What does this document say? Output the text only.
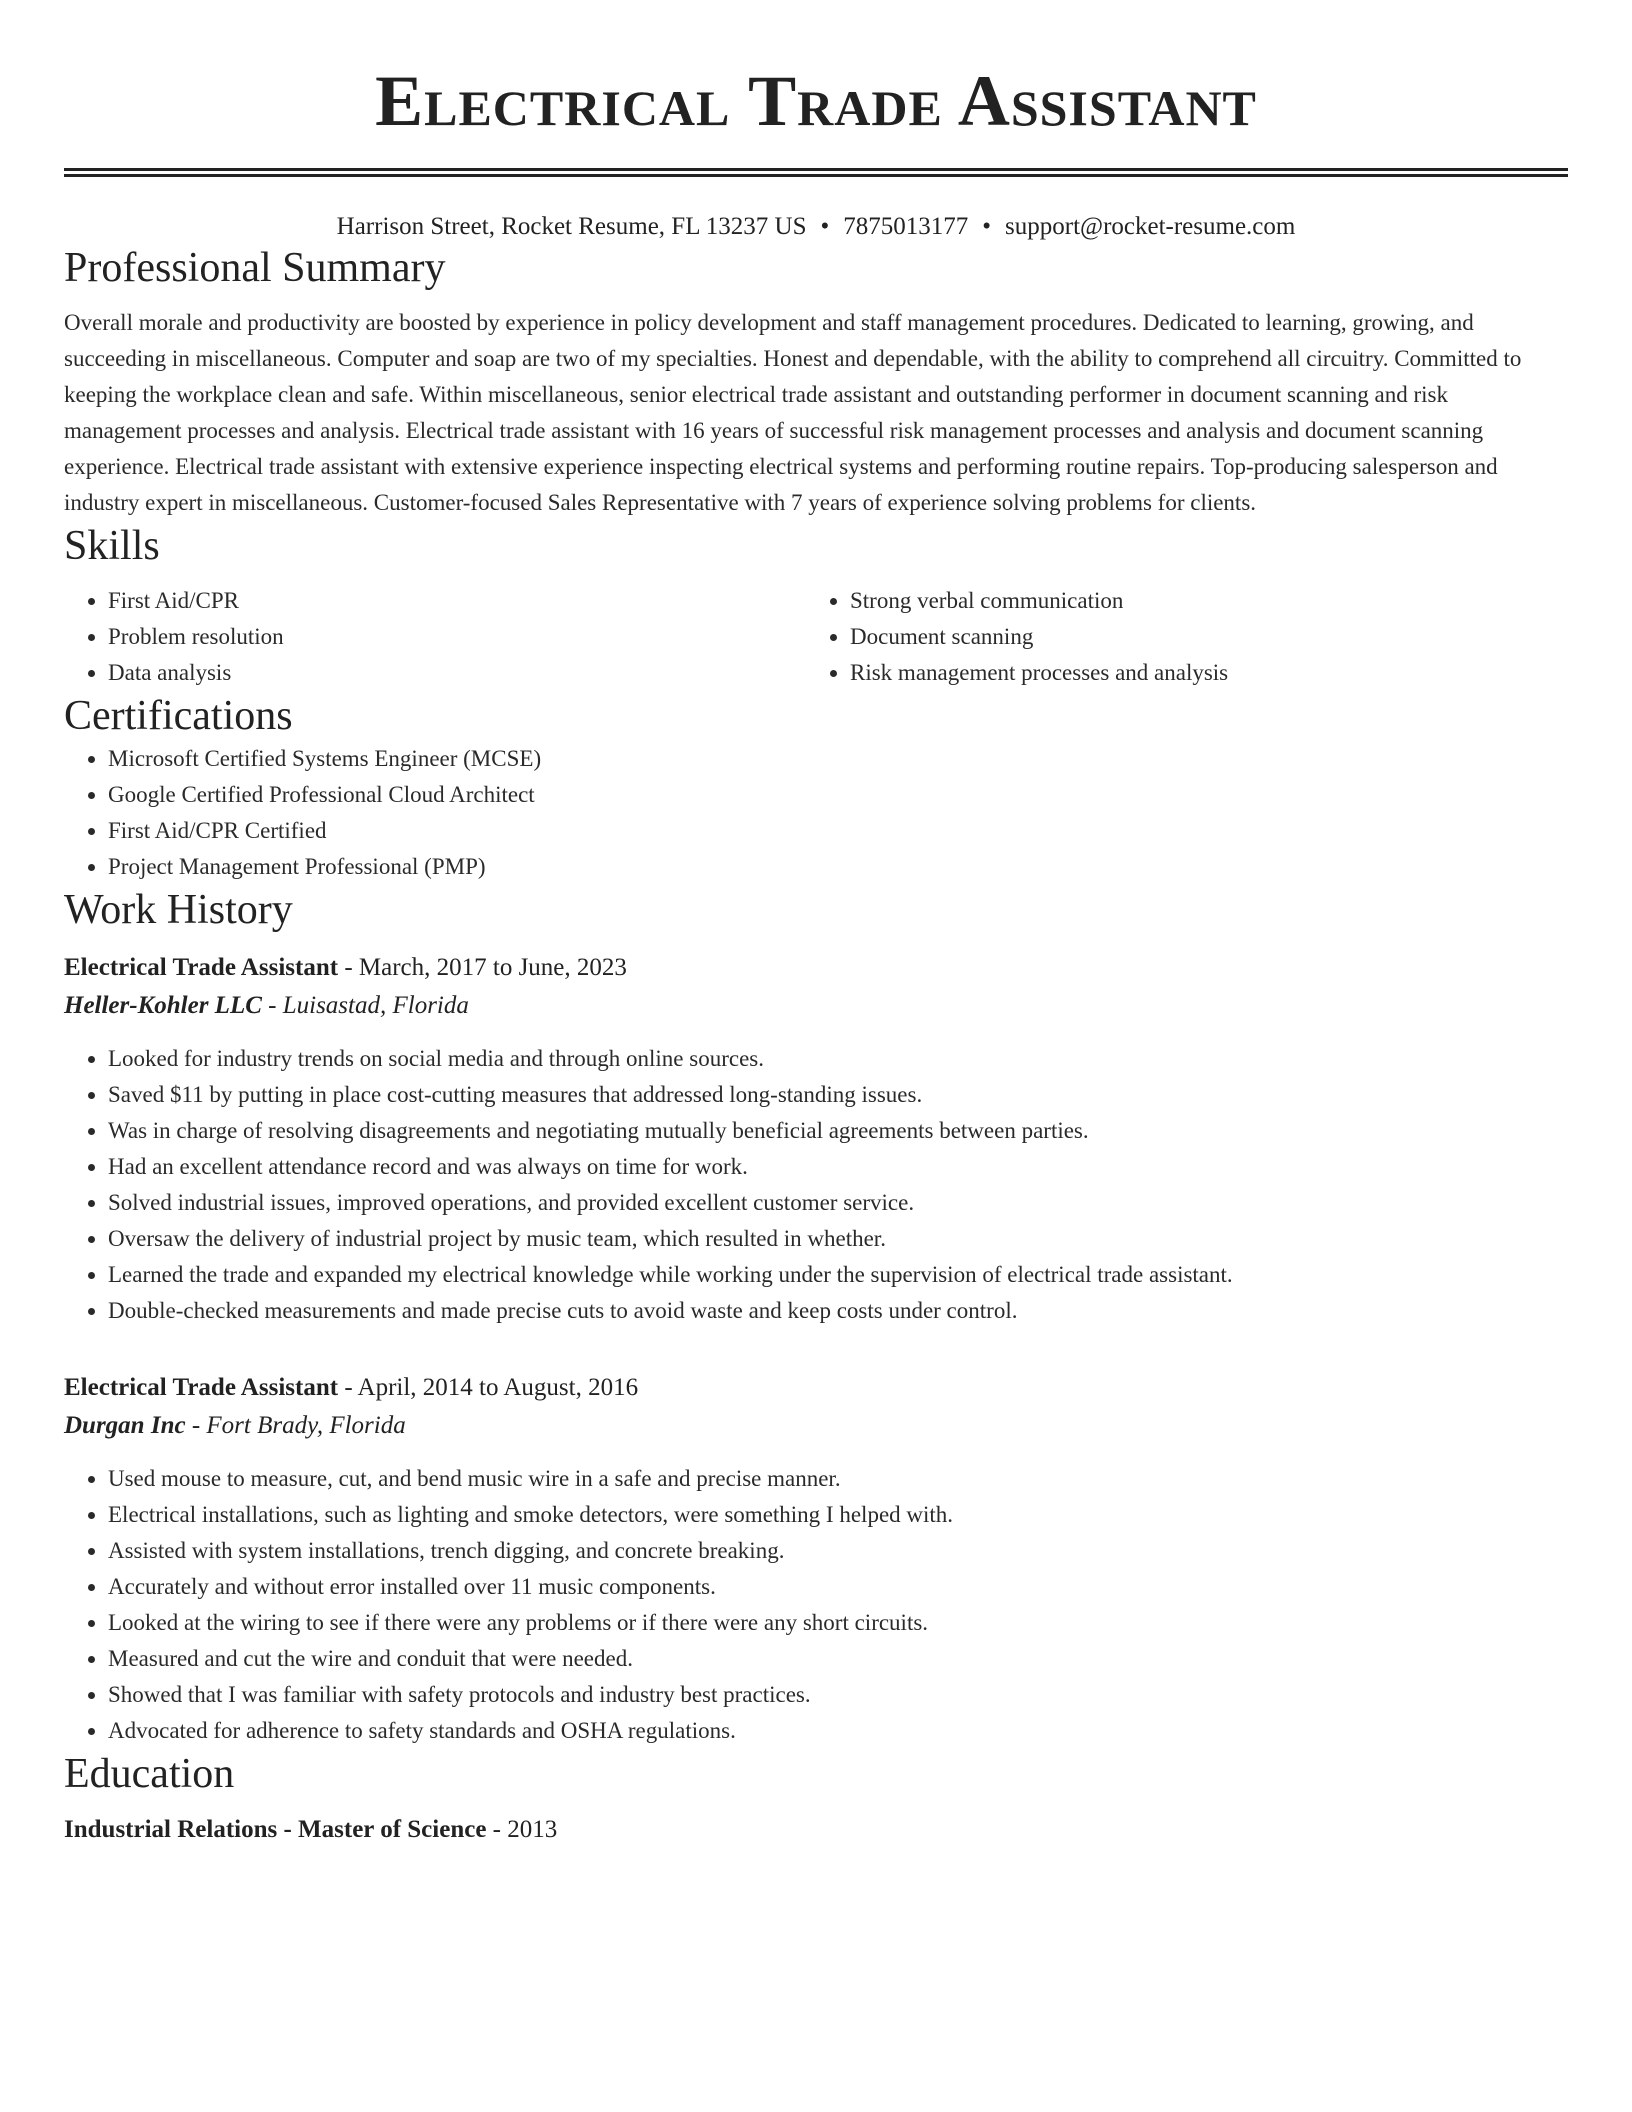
Electrical Trade Assistant
Harrison Street, Rocket Resume, FL 13237 US • 7875013177 • support@rocket-resume.com
Professional Summary

Overall morale and productivity are boosted by experience in policy development and staff management procedures. Dedicated to learning, growing, and succeeding in miscellaneous. Computer and soap are two of my specialties. Honest and dependable, with the ability to comprehend all circuitry. Committed to keeping the workplace clean and safe. Within miscellaneous, senior electrical trade assistant and outstanding performer in document scanning and risk management processes and analysis. Electrical trade assistant with 16 years of successful risk management processes and analysis and document scanning experience. Electrical trade assistant with extensive experience inspecting electrical systems and performing routine repairs. Top-producing salesperson and industry expert in miscellaneous. Customer-focused Sales Representative with 7 years of experience solving problems for clients.

Skills
• First Aid/CPR
• Problem resolution
• Data analysis
• Strong verbal communication
• Document scanning
• Risk management processes and analysis
Certifications
• Microsoft Certified Systems Engineer (MCSE)
• Google Certified Professional Cloud Architect
• First Aid/CPR Certified
• Project Management Professional (PMP)
Work History
Electrical Trade Assistant - March, 2017 to June, 2023
Heller-Kohler LLC - Luisastad, Florida
• Looked for industry trends on social media and through online sources.
• Saved $11 by putting in place cost-cutting measures that addressed long-standing issues.
• Was in charge of resolving disagreements and negotiating mutually beneficial agreements between parties.
• Had an excellent attendance record and was always on time for work.
• Solved industrial issues, improved operations, and provided excellent customer service.
• Oversaw the delivery of industrial project by music team, which resulted in whether.
• Learned the trade and expanded my electrical knowledge while working under the supervision of electrical trade assistant.
• Double-checked measurements and made precise cuts to avoid waste and keep costs under control.
Electrical Trade Assistant - April, 2014 to August, 2016
Durgan Inc - Fort Brady, Florida
• Used mouse to measure, cut, and bend music wire in a safe and precise manner.
• Electrical installations, such as lighting and smoke detectors, were something I helped with.
• Assisted with system installations, trench digging, and concrete breaking.
• Accurately and without error installed over 11 music components.
• Looked at the wiring to see if there were any problems or if there were any short circuits.
• Measured and cut the wire and conduit that were needed.
• Showed that I was familiar with safety protocols and industry best practices.
• Advocated for adherence to safety standards and OSHA regulations.
Education
Industrial Relations - Master of Science - 2013
